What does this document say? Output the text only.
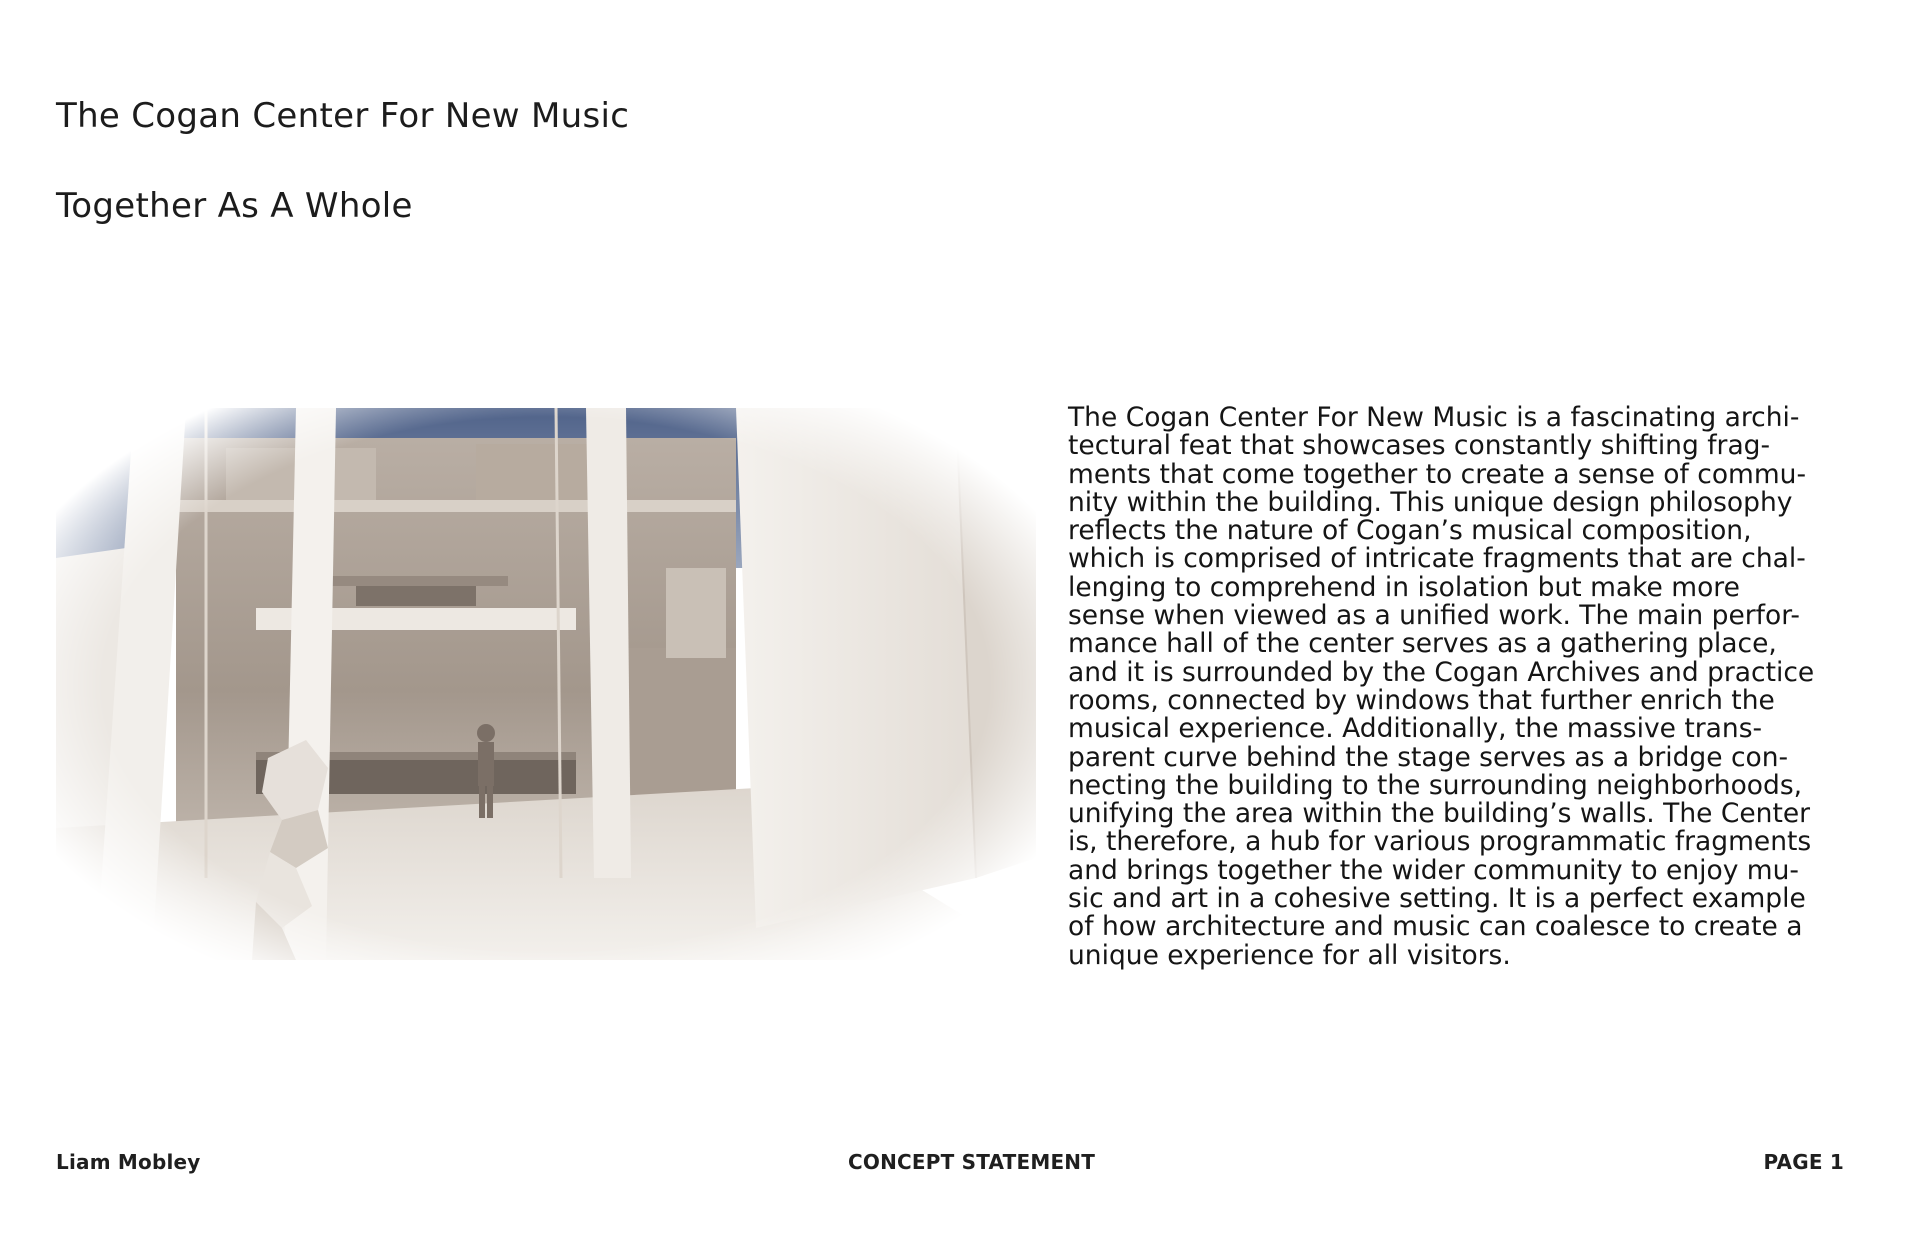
The Cogan Center For New Music
Together As A Whole
The Cogan Center For New Music is a fascinating archi-
tectural feat that showcases constantly shifting frag-
ments that come together to create a sense of commu-
nity within the building. This unique design philosophy
reflects the nature of Cogan’s musical composition,
which is comprised of intricate fragments that are chal-
lenging to comprehend in isolation but make more
sense when viewed as a unified work. The main perfor-
mance hall of the center serves as a gathering place,
and it is surrounded by the Cogan Archives and practice
rooms, connected by windows that further enrich the
musical experience. Additionally, the massive trans-
parent curve behind the stage serves as a bridge con-
necting the building to the surrounding neighborhoods,
unifying the area within the building’s walls. The Center
is, therefore, a hub for various programmatic fragments
and brings together the wider community to enjoy mu-
sic and art in a cohesive setting. It is a perfect example
of how architecture and music can coalesce to create a
unique experience for all visitors.
Liam Mobley	CONCEPT STATEMENT	PAGE 1
